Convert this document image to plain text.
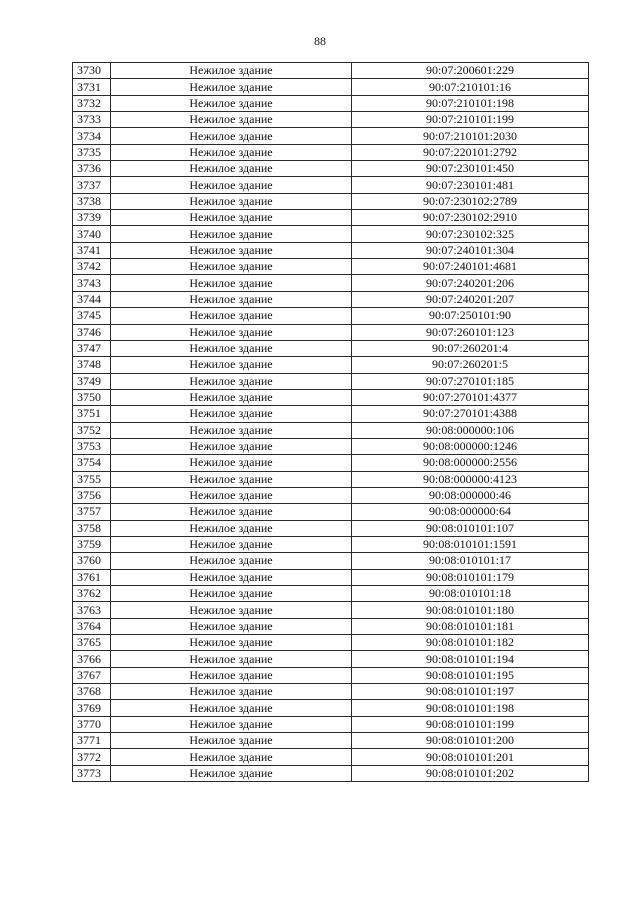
88
3730	Нежилое здание	90:07:200601:229
3731	Нежилое здание	90:07:210101:16
3732	Нежилое здание	90:07:210101:198
3733	Нежилое здание	90:07:210101:199
3734	Нежилое здание	90:07:210101:2030
3735	Нежилое здание	90:07:220101:2792
3736	Нежилое здание	90:07:230101:450
3737	Нежилое здание	90:07:230101:481
3738	Нежилое здание	90:07:230102:2789
3739	Нежилое здание	90:07:230102:2910
3740	Нежилое здание	90:07:230102:325
3741	Нежилое здание	90:07:240101:304
3742	Нежилое здание	90:07:240101:4681
3743	Нежилое здание	90:07:240201:206
3744	Нежилое здание	90:07:240201:207
3745	Нежилое здание	90:07:250101:90
3746	Нежилое здание	90:07:260101:123
3747	Нежилое здание	90:07:260201:4
3748	Нежилое здание	90:07:260201:5
3749	Нежилое здание	90:07:270101:185
3750	Нежилое здание	90:07:270101:4377
3751	Нежилое здание	90:07:270101:4388
3752	Нежилое здание	90:08:000000:106
3753	Нежилое здание	90:08:000000:1246
3754	Нежилое здание	90:08:000000:2556
3755	Нежилое здание	90:08:000000:4123
3756	Нежилое здание	90:08:000000:46
3757	Нежилое здание	90:08:000000:64
3758	Нежилое здание	90:08:010101:107
3759	Нежилое здание	90:08:010101:1591
3760	Нежилое здание	90:08:010101:17
3761	Нежилое здание	90:08:010101:179
3762	Нежилое здание	90:08:010101:18
3763	Нежилое здание	90:08:010101:180
3764	Нежилое здание	90:08:010101:181
3765	Нежилое здание	90:08:010101:182
3766	Нежилое здание	90:08:010101:194
3767	Нежилое здание	90:08:010101:195
3768	Нежилое здание	90:08:010101:197
3769	Нежилое здание	90:08:010101:198
3770	Нежилое здание	90:08:010101:199
3771	Нежилое здание	90:08:010101:200
3772	Нежилое здание	90:08:010101:201
3773	Нежилое здание	90:08:010101:202
